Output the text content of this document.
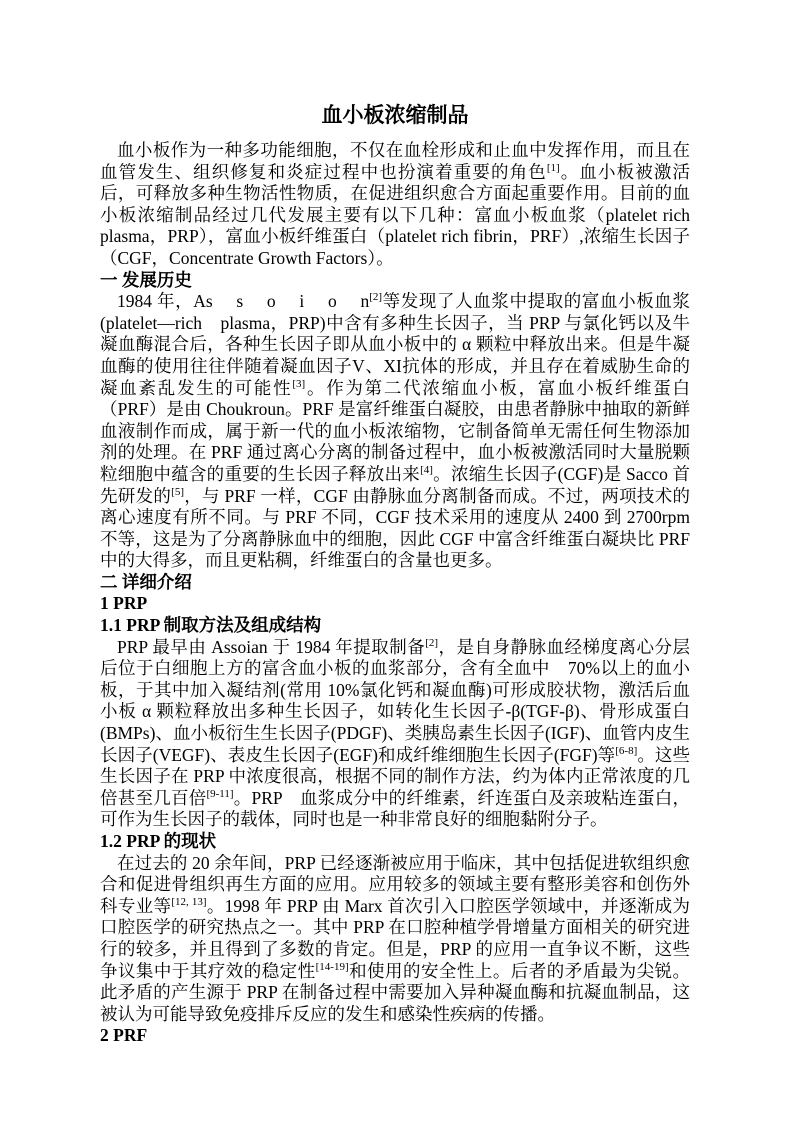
血小板浓缩制品

血小板作为一种多功能细胞，不仅在血栓形成和止血中发挥作用，而且在血管发生、组织修复和炎症过程中也扮演着重要的角色[1]。血小板被激活后，可释放多种生物活性物质，在促进组织愈合方面起重要作用。目前的血小板浓缩制品经过几代发展主要有以下几种：富血小板血浆（platelet rich plasma，PRP），富血小板纤维蛋白（platelet rich fibrin，PRF）,浓缩生长因子（CGF，Concentrate Growth Factors）。

一 发展历史

1984 年，As　 s　 o　 i　 o　 n[2]等发现了人血浆中提取的富血小板血浆(platelet—rich　plasma，PRP)中含有多种生长因子，当 PRP 与氯化钙以及牛凝血酶混合后，各种生长因子即从血小板中的 α 颗粒中释放出来。但是牛凝血酶的使用往往伴随着凝血因子V、XI抗体的形成，并且存在着威胁生命的凝血紊乱发生的可能性[3]。作为第二代浓缩血小板，富血小板纤维蛋白（PRF）是由 Choukroun。PRF 是富纤维蛋白凝胶，由患者静脉中抽取的新鲜血液制作而成，属于新一代的血小板浓缩物，它制备简单无需任何生物添加剂的处理。在 PRF 通过离心分离的制备过程中，血小板被激活同时大量脱颗粒细胞中蕴含的重要的生长因子释放出来[4]。浓缩生长因子(CGF)是 Sacco 首先研发的[5]，与 PRF 一样，CGF 由静脉血分离制备而成。不过，两项技术的离心速度有所不同。与 PRF 不同，CGF 技术采用的速度从 2400 到 2700rpm 不等，这是为了分离静脉血中的细胞，因此 CGF 中富含纤维蛋白凝块比 PRF 中的大得多，而且更粘稠，纤维蛋白的含量也更多。

二 详细介绍

1 PRP

1.1 PRP 制取方法及组成结构

PRP 最早由 Assoian 于 1984 年提取制备[2]，是自身静脉血经梯度离心分层后位于白细胞上方的富含血小板的血浆部分，含有全血中　70%以上的血小板，于其中加入凝结剂(常用 10%氯化钙和凝血酶)可形成胶状物，激活后血小板 α 颗粒释放出多种生长因子，如转化生长因子-β(TGF-β)、骨形成蛋白(BMPs)、血小板衍生生长因子(PDGF)、类胰岛素生长因子(IGF)、血管内皮生长因子(VEGF)、表皮生长因子(EGF)和成纤维细胞生长因子(FGF)等[6-8]。这些生长因子在 PRP 中浓度很高，根据不同的制作方法，约为体内正常浓度的几倍甚至几百倍[9-11]。PRP　血浆成分中的纤维素，纤连蛋白及亲玻粘连蛋白，可作为生长因子的载体，同时也是一种非常良好的细胞黏附分子。

1.2 PRP 的现状

在过去的 20 余年间，PRP 已经逐渐被应用于临床，其中包括促进软组织愈合和促进骨组织再生方面的应用。应用较多的领域主要有整形美容和创伤外科专业等[12, 13]。1998 年 PRP 由 Marx 首次引入口腔医学领域中，并逐渐成为口腔医学的研究热点之一。其中 PRP 在口腔种植学骨增量方面相关的研究进行的较多，并且得到了多数的肯定。但是，PRP 的应用一直争议不断，这些争议集中于其疗效的稳定性[14-19]和使用的安全性上。后者的矛盾最为尖锐。此矛盾的产生源于 PRP 在制备过程中需要加入异种凝血酶和抗凝血制品，这被认为可能导致免疫排斥反应的发生和感染性疾病的传播。

2 PRF
